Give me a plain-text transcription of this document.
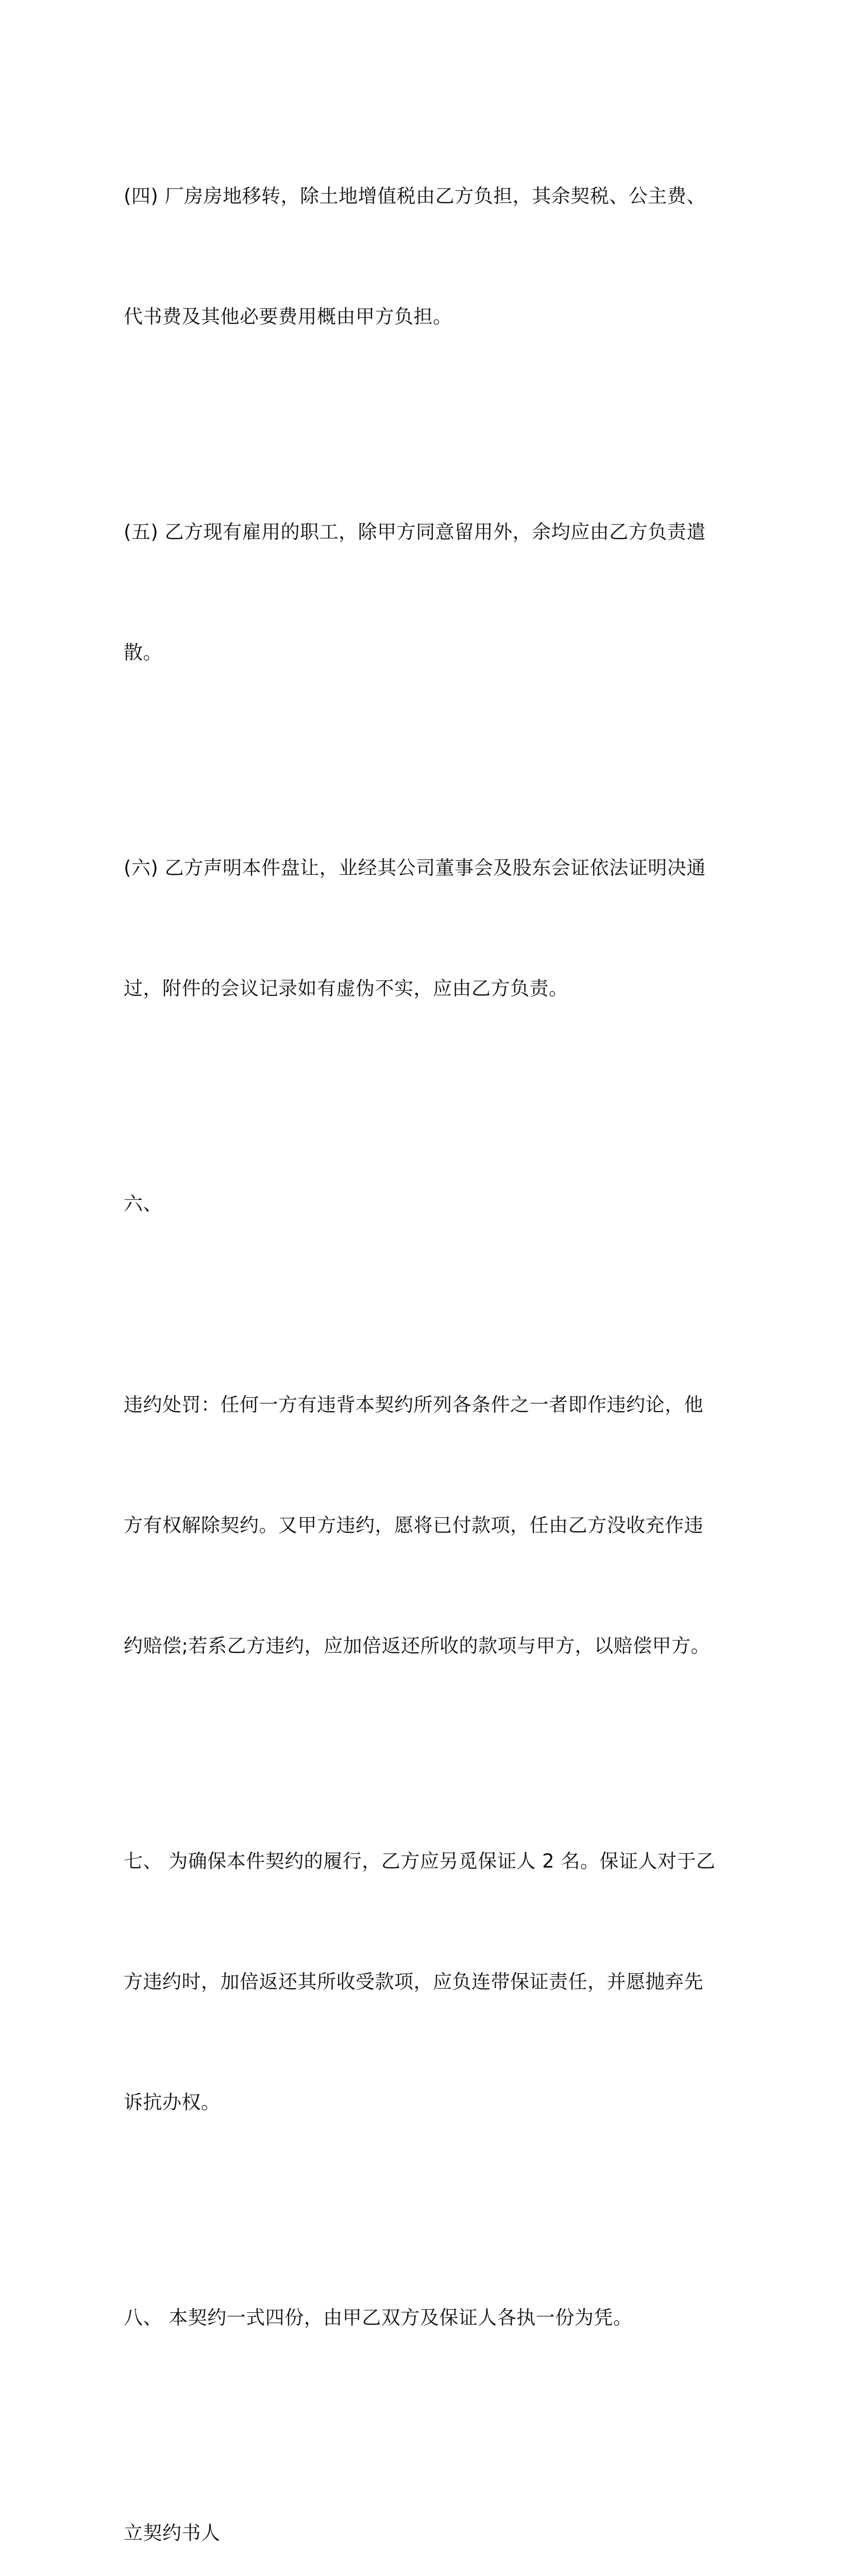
(四) 厂房房地移转，除土地增值税由乙方负担，其余契税、公主费、

代书费及其他必要费用概由甲方负担。

(五) 乙方现有雇用的职工，除甲方同意留用外，余均应由乙方负责遣

散。

(六) 乙方声明本件盘让，业经其公司董事会及股东会证依法证明决通

过，附件的会议记录如有虚伪不实，应由乙方负责。

六、

违约处罚：任何一方有违背本契约所列各条件之一者即作违约论，他

方有权解除契约。又甲方违约，愿将已付款项，任由乙方没收充作违

约赔偿;若系乙方违约，应加倍返还所收的款项与甲方，以赔偿甲方。

七、 为确保本件契约的履行，乙方应另觅保证人 2 名。保证人对于乙

方违约时，加倍返还其所收受款项，应负连带保证责任，并愿抛弃先

诉抗办权。

八、 本契约一式四份，由甲乙双方及保证人各执一份为凭。

立契约书人
